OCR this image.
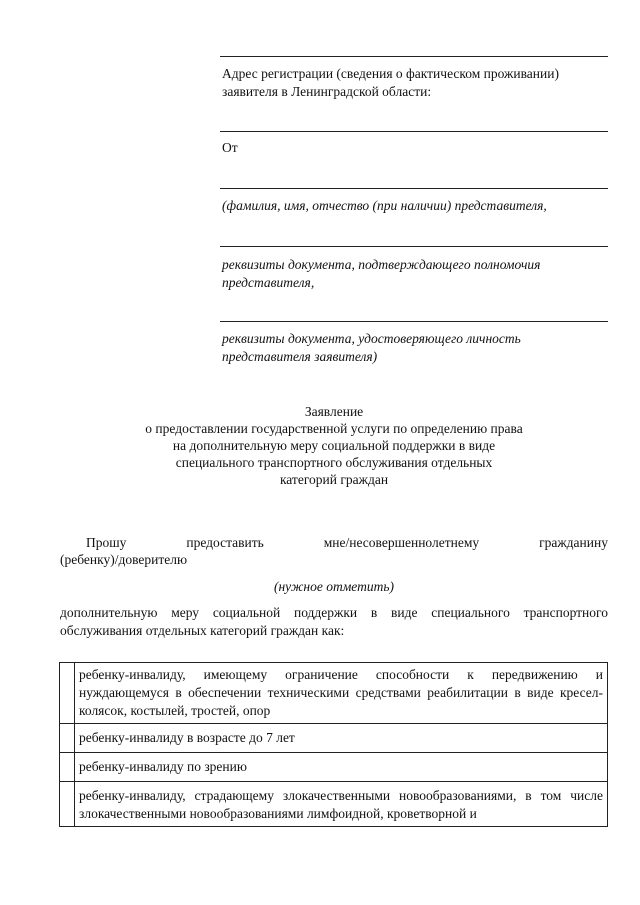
Адрес регистрации (сведения о фактическом проживании) заявителя в Ленинградской области:
От
(фамилия, имя, отчество (при наличии) представителя,
реквизиты документа, подтверждающего полномочия представителя,
реквизиты документа, удостоверяющего личность представителя заявителя)
Заявление
о предоставлении государственной услуги по определению права
на дополнительную меру социальной поддержки в виде
специального транспортного обслуживания отдельных
категорий граждан
Прошу	предоставить	мне/несовершеннолетнему	гражданину
(ребенку)/доверителю
(нужное отметить)
дополнительную меру социальной поддержки в виде специального транспортного обслуживания отдельных категорий граждан как:
	ребенку-инвалиду, имеющему ограничение способности к передвижению и нуждающемуся в обеспечении техническими средствами реабилитации в виде кресел-колясок, костылей, тростей, опор
	ребенку-инвалиду в возрасте до 7 лет
	ребенку-инвалиду по зрению
	ребенку-инвалиду, страдающему злокачественными новообразованиями, в том числе злокачественными новообразованиями лимфоидной, кроветворной и
